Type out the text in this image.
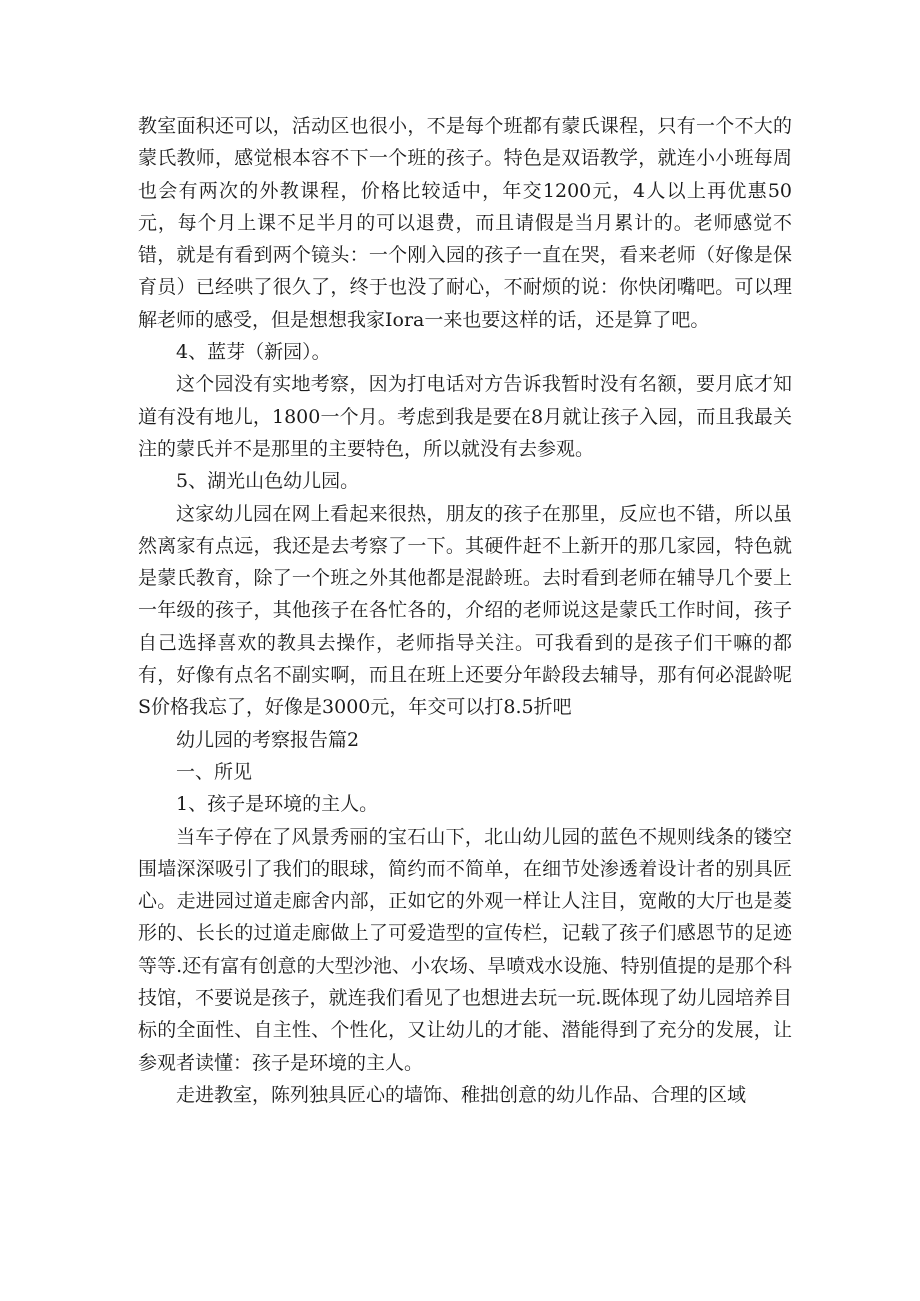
教室面积还可以，活动区也很小，不是每个班都有蒙氏课程，只有一个不大的蒙氏教师，感觉根本容不下一个班的孩子。特色是双语教学，就连小小班每周也会有两次的外教课程，价格比较适中，年交1200元，4人以上再优惠50元，每个月上课不足半月的可以退费，而且请假是当月累计的。老师感觉不错，就是有看到两个镜头：一个刚入园的孩子一直在哭，看来老师（好像是保育员）已经哄了很久了，终于也没了耐心，不耐烦的说：你快闭嘴吧。可以理解老师的感受，但是想想我家Iora一来也要这样的话，还是算了吧。

4、蓝芽（新园）。

这个园没有实地考察，因为打电话对方告诉我暂时没有名额，要月底才知道有没有地儿，1800一个月。考虑到我是要在8月就让孩子入园，而且我最关注的蒙氏并不是那里的主要特色，所以就没有去参观。

5、湖光山色幼儿园。

这家幼儿园在网上看起来很热，朋友的孩子在那里，反应也不错，所以虽然离家有点远，我还是去考察了一下。其硬件赶不上新开的那几家园，特色就是蒙氏教育，除了一个班之外其他都是混龄班。去时看到老师在辅导几个要上一年级的孩子，其他孩子在各忙各的，介绍的老师说这是蒙氏工作时间，孩子自己选择喜欢的教具去操作，老师指导关注。可我看到的是孩子们干嘛的都有，好像有点名不副实啊，而且在班上还要分年龄段去辅导，那有何必混龄呢S价格我忘了，好像是3000元，年交可以打8.5折吧

幼儿园的考察报告篇2

一、所见

1、孩子是环境的主人。

当车子停在了风景秀丽的宝石山下，北山幼儿园的蓝色不规则线条的镂空围墙深深吸引了我们的眼球，简约而不简单，在细节处渗透着设计者的别具匠心。走进园过道走廊舍内部，正如它的外观一样让人注目，宽敞的大厅也是菱形的、长长的过道走廊做上了可爱造型的宣传栏，记载了孩子们感恩节的足迹等等.还有富有创意的大型沙池、小农场、旱喷戏水设施、特别值提的是那个科技馆，不要说是孩子，就连我们看见了也想进去玩一玩.既体现了幼儿园培养目标的全面性、自主性、个性化，又让幼儿的才能、潜能得到了充分的发展，让参观者读懂：孩子是环境的主人。

走进教室，陈列独具匠心的墙饰、稚拙创意的幼儿作品、合理的区域
